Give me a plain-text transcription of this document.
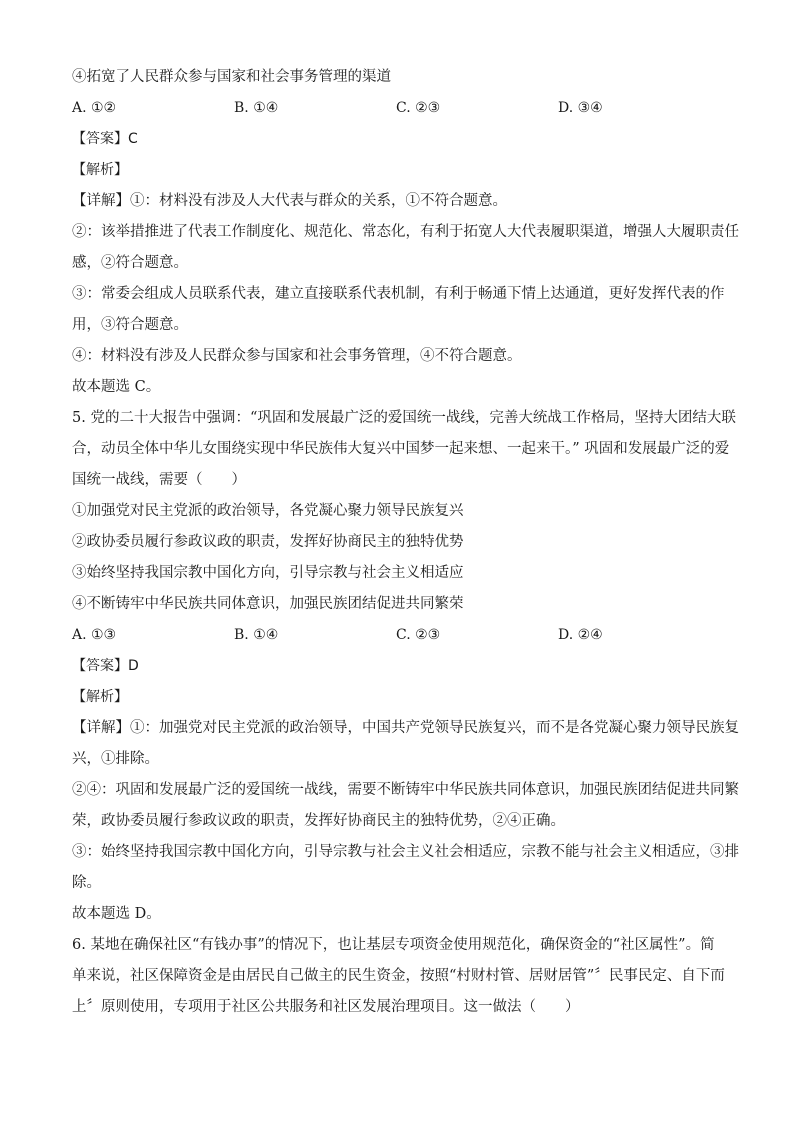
④拓宽了人民群众参与国家和社会事务管理的渠道

A. ①②	B. ①④	C. ②③	D. ③④

【答案】C

【解析】

【详解】①：材料没有涉及人大代表与群众的关系，①不符合题意。

②：该举措推进了代表工作制度化、规范化、常态化，有利于拓宽人大代表履职渠道，增强人大履职责任

感，②符合题意。

③：常委会组成人员联系代表，建立直接联系代表机制，有利于畅通下情上达通道，更好发挥代表的作

用，③符合题意。

④：材料没有涉及人民群众参与国家和社会事务管理，④不符合题意。

故本题选 C。

5. 党的二十大报告中强调：“巩固和发展最广泛的爱国统一战线，完善大统战工作格局，坚持大团结大联

合，动员全体中华儿女围绕实现中华民族伟大复兴中国梦一起来想、一起来干。” 巩固和发展最广泛的爱

国统一战线，需要（　　）

①加强党对民主党派的政治领导，各党凝心聚力领导民族复兴

②政协委员履行参政议政的职责，发挥好协商民主的独特优势

③始终坚持我国宗教中国化方向，引导宗教与社会主义相适应

④不断铸牢中华民族共同体意识，加强民族团结促进共同繁荣

A. ①③	B. ①④	C. ②③	D. ②④

【答案】D

【解析】

【详解】①：加强党对民主党派的政治领导，中国共产党领导民族复兴，而不是各党凝心聚力领导民族复

兴，①排除。

②④：巩固和发展最广泛的爱国统一战线，需要不断铸牢中华民族共同体意识，加强民族团结促进共同繁

荣，政协委员履行参政议政的职责，发挥好协商民主的独特优势，②④正确。

③：始终坚持我国宗教中国化方向，引导宗教与社会主义社会相适应，宗教不能与社会主义相适应，③排

除。

故本题选 D。

6. 某地在确保社区“有钱办事”的情况下，也让基层专项资金使用规范化，确保资金的“社区属性”。简

单来说，社区保障资金是由居民自己做主的民生资金，按照“村财村管、居财居管”〞民事民定、自下而

上〞原则使用，专项用于社区公共服务和社区发展治理项目。这一做法（　　）
